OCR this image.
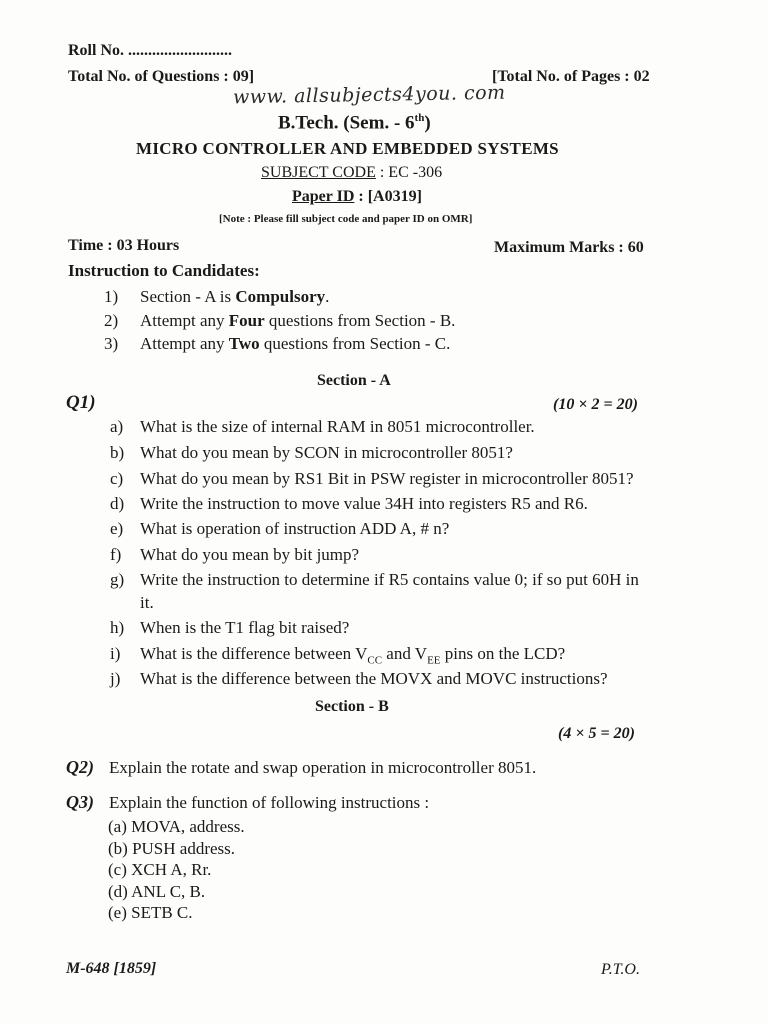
Roll No. ..........................
Total No. of Questions : 09]	[Total No. of Pages : 02
www. allsubjects4you. com
B.Tech. (Sem. - 6th)
MICRO CONTROLLER AND EMBEDDED SYSTEMS
SUBJECT CODE : EC -306
Paper ID : [A0319]
[Note : Please fill subject code and paper ID on OMR]
Time : 03 Hours	Maximum Marks : 60
Instruction to Candidates:
1)	Section - A is Compulsory.
2)	Attempt any Four questions from Section - B.
3)	Attempt any Two questions from Section - C.
Section - A
Q1)	(10 × 2 = 20)
a) What is the size of internal RAM in 8051 microcontroller.
b) What do you mean by SCON in microcontroller 8051?
c) What do you mean by RS1 Bit in PSW register in microcontroller 8051?
d) Write the instruction to move value 34H into registers R5 and R6.
e) What is operation of instruction ADD A, # n?
f)	What do you mean by bit jump?
g) Write the instruction to determine if R5 contains value 0; if so put 60H in
it.
h) When is the T1 flag bit raised?
i)	What is the difference between $V_{CC}$ and $V_{EE}$ pins on the LCD?
j)	What is the difference between the MOVX and MOVC instructions?
Section - B
(4 × 5 = 20)
Q2) Explain the rotate and swap operation in microcontroller 8051.
Q3) Explain the function of following instructions :
(a) MOVA, address.
(b) PUSH address.
(c) XCH A, Rr.
(d) ANL C, B.
(e) SETB C.
M-648 [1859]	P.T.O.
